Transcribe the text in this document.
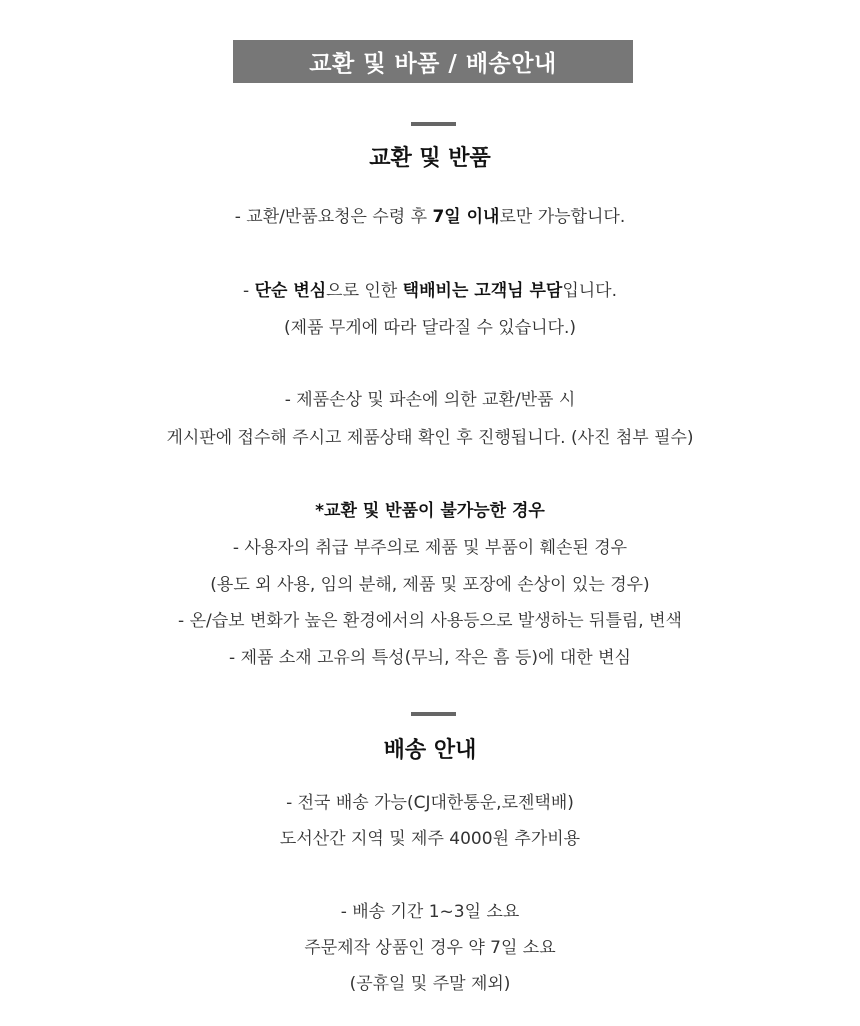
교환 및 바품 / 배송안내
교환 및 반품
- 교환/반품요청은 수령 후 7일 이내로만 가능합니다.
- 단순 변심으로 인한 택배비는 고객님 부담입니다.
(제품 무게에 따라 달라질 수 있습니다.)
- 제품손상 및 파손에 의한 교환/반품 시
게시판에 접수해 주시고 제품상태 확인 후 진행됩니다. (사진 첨부 필수)
*교환 및 반품이 불가능한 경우
- 사용자의 취급 부주의로 제품 및 부품이 훼손된 경우
(용도 외 사용, 임의 분해, 제품 및 포장에 손상이 있는 경우)
- 온/습보 변화가 높은 환경에서의 사용등으로 발생하는 뒤틀림, 변색
- 제품 소재 고유의 특성(무늬, 작은 흠 등)에 대한 변심
배송 안내
- 전국 배송 가능(CJ대한통운,로젠택배)
도서산간 지역 및 제주 4000원 추가비용
- 배송 기간 1~3일 소요
주문제작 상품인 경우 약 7일 소요
(공휴일 및 주말 제외)
